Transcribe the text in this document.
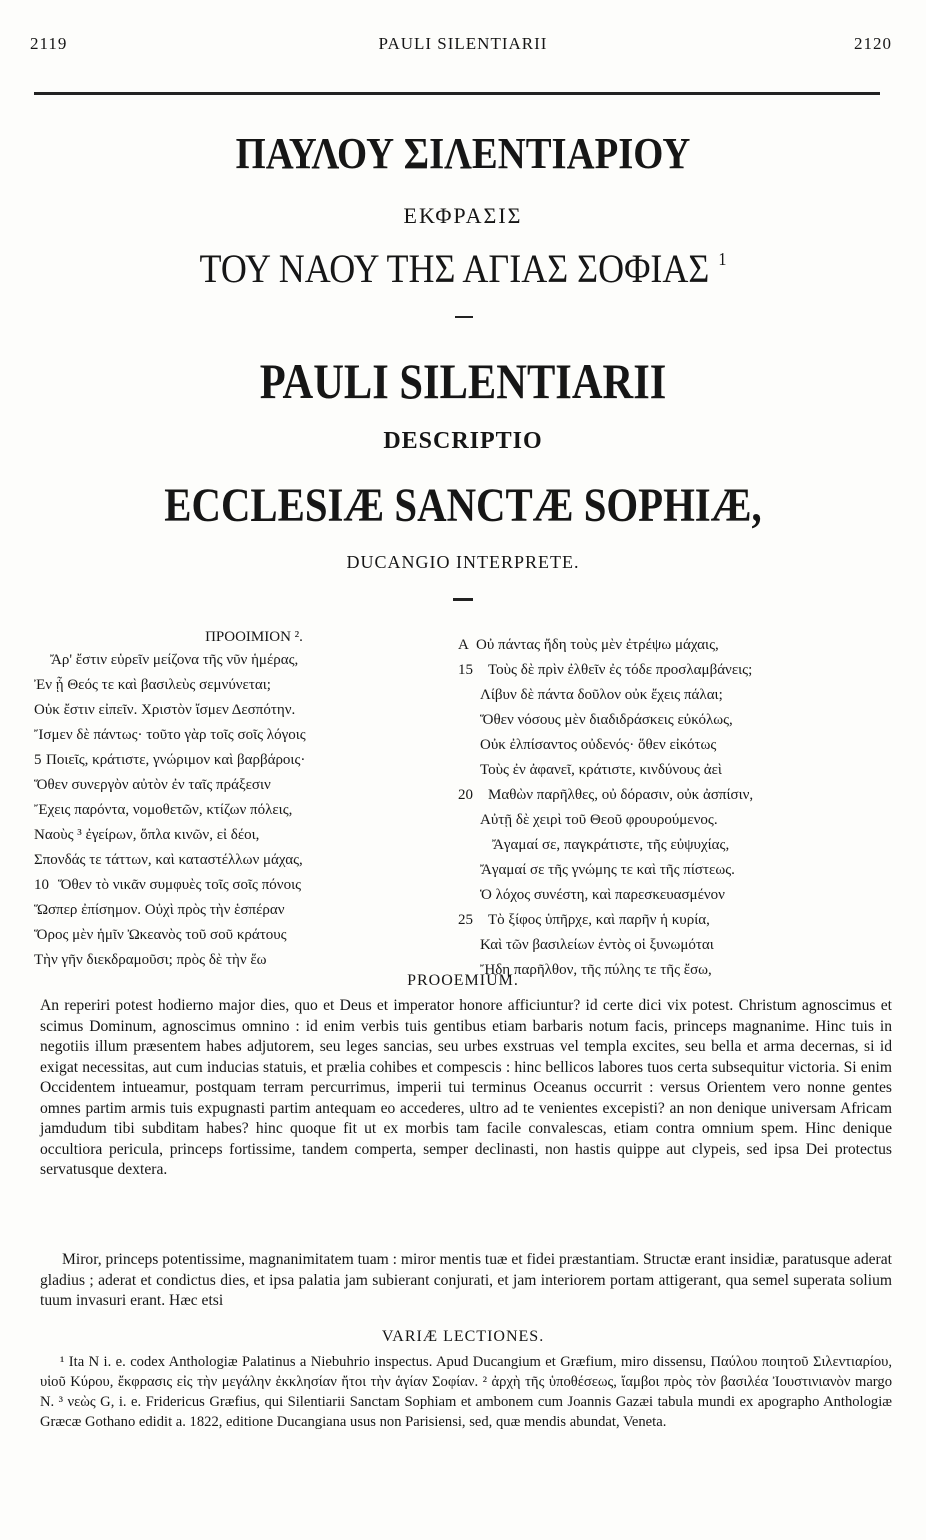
2119	PAULI SILENTIARII	2120
ΠΑΥΛΟΥ ΣΙΛΕΝΤΙΑΡΙΟΥ
ΕΚΦΡΑΣΙΣ
ΤΟΥ ΝΑΟΥ ΤΗΣ ΑΓΙΑΣ ΣΟΦΙΑΣ $^1$
PAULI SILENTIARII
DESCRIPTIO
ECCLESIÆ SANCTÆ SOPHIÆ,
DUCANGIO INTERPRETE.
ΠΡΟΟΙΜΙΟΝ ².
Ἄρ' ἔστιν εὑρεῖν μείζονα τῆς νῦν ἡμέρας,
Ἐν ᾗ Θεός τε καὶ βασιλεὺς σεμνύνεται;
Οὐκ ἔστιν εἰπεῖν. Χριστὸν ἴσμεν Δεσπότην.
Ἴσμεν δὲ πάντως· τοῦτο γὰρ τοῖς σοῖς λόγοις
5 Ποιεῖς, κράτιστε, γνώριμον καὶ βαρβάροις·
Ὅθεν συνεργὸν αὐτὸν ἐν ταῖς πράξεσιν
Ἔχεις παρόντα, νομοθετῶν, κτίζων πόλεις,
Ναοὺς ³ ἐγείρων, ὅπλα κινῶν, εἰ δέοι,
Σπονδάς τε τάττων, καὶ καταστέλλων μάχας,
10 Ὅθεν τὸ νικᾶν συμφυὲς τοῖς σοῖς πόνοις
Ὥσπερ ἐπίσημον. Οὐχὶ πρὸς τὴν ἑσπέραν
Ὅρος μὲν ἡμῖν Ὠκεανὸς τοῦ σοῦ κράτους
Τὴν γῆν διεκδραμοῦσι; πρὸς δὲ τὴν ἕω
A Οὐ πάντας ἤδη τοὺς μὲν ἐτρέψω μάχαις,
15 Τοὺς δὲ πρὶν ἐλθεῖν ἐς τόδε προσλαμβάνεις;
Λίβυν δὲ πάντα δοῦλον οὐκ ἔχεις πάλαι;
Ὅθεν νόσους μὲν διαδιδράσκεις εὐκόλως,
Οὐκ ἐλπίσαντος οὐδενός· ὅθεν εἰκότως
Τοὺς ἐν ἀφανεῖ, κράτιστε, κινδύνους ἀεὶ
20 Μαθὼν παρῆλθες, οὐ δόρασιν, οὐκ ἀσπίσιν,
Αὐτῇ δὲ χειρὶ τοῦ Θεοῦ φρουρούμενος.
Ἄγαμαί σε, παγκράτιστε, τῆς εὐψυχίας,
Ἄγαμαί σε τῆς γνώμης τε καὶ τῆς πίστεως.
Ὁ λόχος συνέστη, καὶ παρεσκευασμένον
25 Τὸ ξίφος ὑπῆρχε, καὶ παρῆν ἡ κυρία,
Καὶ τῶν βασιλείων ἐντὸς οἱ ξυνωμόται
Ἤδη παρῆλθον, τῆς πύλης τε τῆς ἔσω,
PROOEMIUM.
An reperiri potest hodierno major dies, quo et Deus et imperator honore afficiuntur? id certe dici vix potest. Christum agnoscimus et scimus Dominum, agnoscimus omnino : id enim verbis tuis gentibus etiam barbaris notum facis, princeps magnanime. Hinc tuis in negotiis illum præsentem habes adjutorem, seu leges sancias, seu urbes exstruas vel templa excites, seu bella et arma decernas, si id exigat necessitas, aut cum inducias statuis, et prælia cohibes et compescis : hinc bellicos labores tuos certa subsequitur victoria. Si enim Occidentem intueamur, postquam terram percurrimus, imperii tui terminus Oceanus occurrit : versus Orientem vero nonne gentes omnes partim armis tuis expugnasti partim antequam eo accederes, ultro ad te venientes excepisti? an non denique universam Africam jamdudum tibi subditam habes? hinc quoque fit ut ex morbis tam facile convalescas, etiam contra omnium spem. Hinc denique occultiora pericula, princeps fortissime, tandem comperta, semper declinasti, non hastis quippe aut clypeis, sed ipsa Dei protectus servatusque dextera.
Miror, princeps potentissime, magnanimitatem tuam : miror mentis tuæ et fidei præstantiam. Structæ erant insidiæ, paratusque aderat gladius ; aderat et condictus dies, et ipsa palatia jam subierant conjurati, et jam interiorem portam attigerant, qua semel superata solium tuum invasuri erant. Hæc etsi
VARIÆ LECTIONES.
¹ Ita N i. e. codex Anthologiæ Palatinus a Niebuhrio inspectus. Apud Ducangium et Græfium, miro dissensu, Παύλου ποιητοῦ Σιλεντιαρίου, υἱοῦ Κύρου, ἔκφρασις εἰς τὴν μεγάλην ἐκκλησίαν ἤτοι τὴν ἁγίαν Σοφίαν. ² ἀρχὴ τῆς ὑποθέσεως, ἴαμβοι πρὸς τὸν βασιλέα Ἰουστινιανὸν margo N. ³ νεὼς G, i. e. Fridericus Græfius, qui Silentiarii Sanctam Sophiam et ambonem cum Joannis Gazæi tabula mundi ex apographo Anthologiæ Græcæ Gothano edidit a. 1822, editione Ducangiana usus non Parisiensi, sed, quæ mendis abundat, Veneta.
